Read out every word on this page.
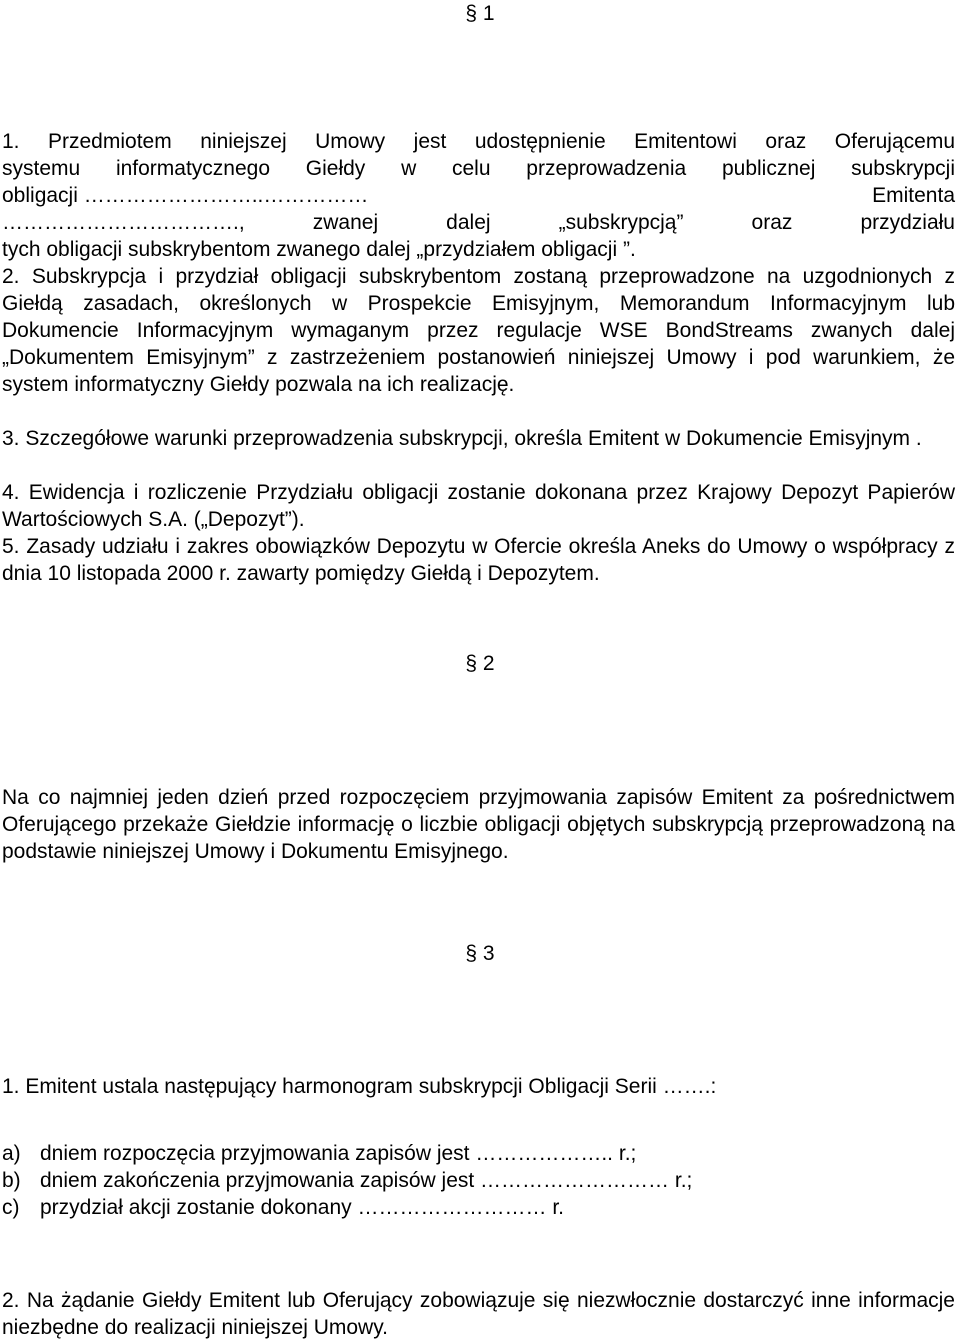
§ 1
1. Przedmiotem niniejszej Umowy jest udostępnienie Emitentowi oraz Oferującemu
systemu informatycznego Giełdy w celu przeprowadzenia publicznej subskrypcji
obligacji ……………………..……………	Emitenta
……………………………., zwanej dalej „subskrypcją” oraz przydziału
tych obligacji subskrybentom zwanego dalej „przydziałem obligacji ”.

2. Subskrypcja i przydział obligacji subskrybentom zostaną przeprowadzone na uzgodnionych z Giełdą zasadach, określonych w Prospekcie Emisyjnym, Memorandum Informacyjnym lub Dokumencie Informacyjnym wymaganym przez regulacje WSE BondStreams zwanych dalej „Dokumentem Emisyjnym” z zastrzeżeniem postanowień niniejszej Umowy i pod warunkiem, że system informatyczny Giełdy pozwala na ich realizację.

3. Szczegółowe warunki przeprowadzenia subskrypcji, określa Emitent w Dokumencie Emisyjnym .

4. Ewidencja i rozliczenie Przydziału obligacji zostanie dokonana przez Krajowy Depozyt Papierów Wartościowych S.A. („Depozyt”).

5. Zasady udziału i zakres obowiązków Depozytu w Ofercie określa Aneks do Umowy o współpracy z dnia 10 listopada 2000 r. zawarty pomiędzy Giełdą i Depozytem.

§ 2

Na co najmniej jeden dzień przed rozpoczęciem przyjmowania zapisów Emitent za pośrednictwem Oferującego przekaże Giełdzie informację o liczbie obligacji objętych subskrypcją przeprowadzoną na podstawie niniejszej Umowy i Dokumentu Emisyjnego.

§ 3
1. Emitent ustala następujący harmonogram subskrypcji Obligacji Serii …….:
a) dniem rozpoczęcia przyjmowania zapisów jest ……………….. r.;
b) dniem zakończenia przyjmowania zapisów jest ……………………… r.;
c) przydział akcji zostanie dokonany ……………………… r.

2. Na żądanie Giełdy Emitent lub Oferujący zobowiązuje się niezwłocznie dostarczyć inne informacje niezbędne do realizacji niniejszej Umowy.
